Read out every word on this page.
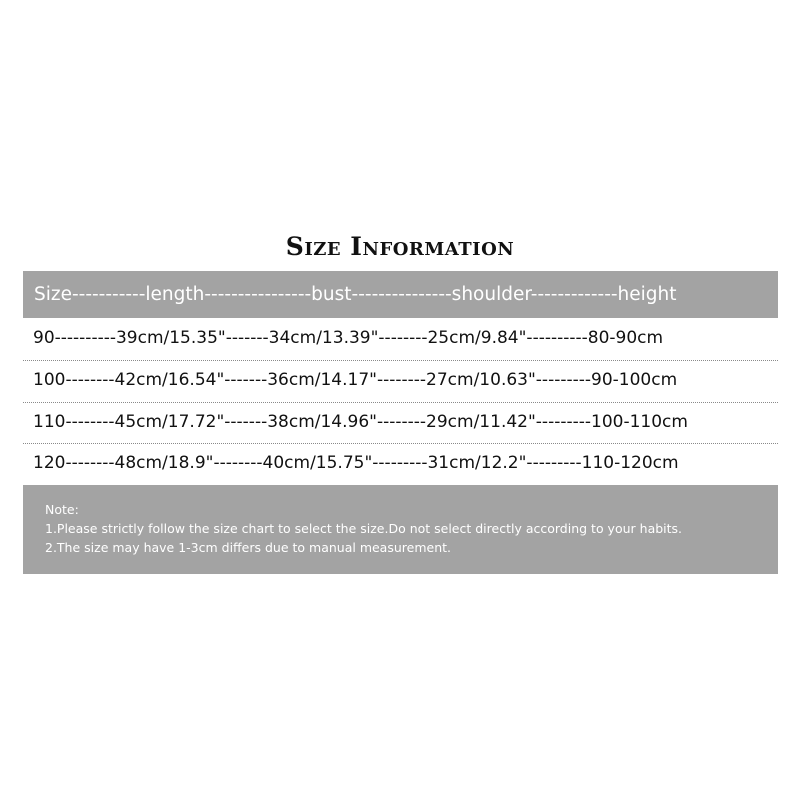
Size Information
Size-----------length----------------bust---------------shoulder-------------height
90----------39cm/15.35"-------34cm/13.39"--------25cm/9.84"----------80-90cm
100--------42cm/16.54"-------36cm/14.17"--------27cm/10.63"---------90-100cm
110--------45cm/17.72"-------38cm/14.96"--------29cm/11.42"---------100-110cm
120--------48cm/18.9"--------40cm/15.75"---------31cm/12.2"---------110-120cm
Note:
1.Please strictly follow the size chart to select the size.Do not select directly according to your habits.
2.The size may have 1-3cm differs due to manual measurement.
